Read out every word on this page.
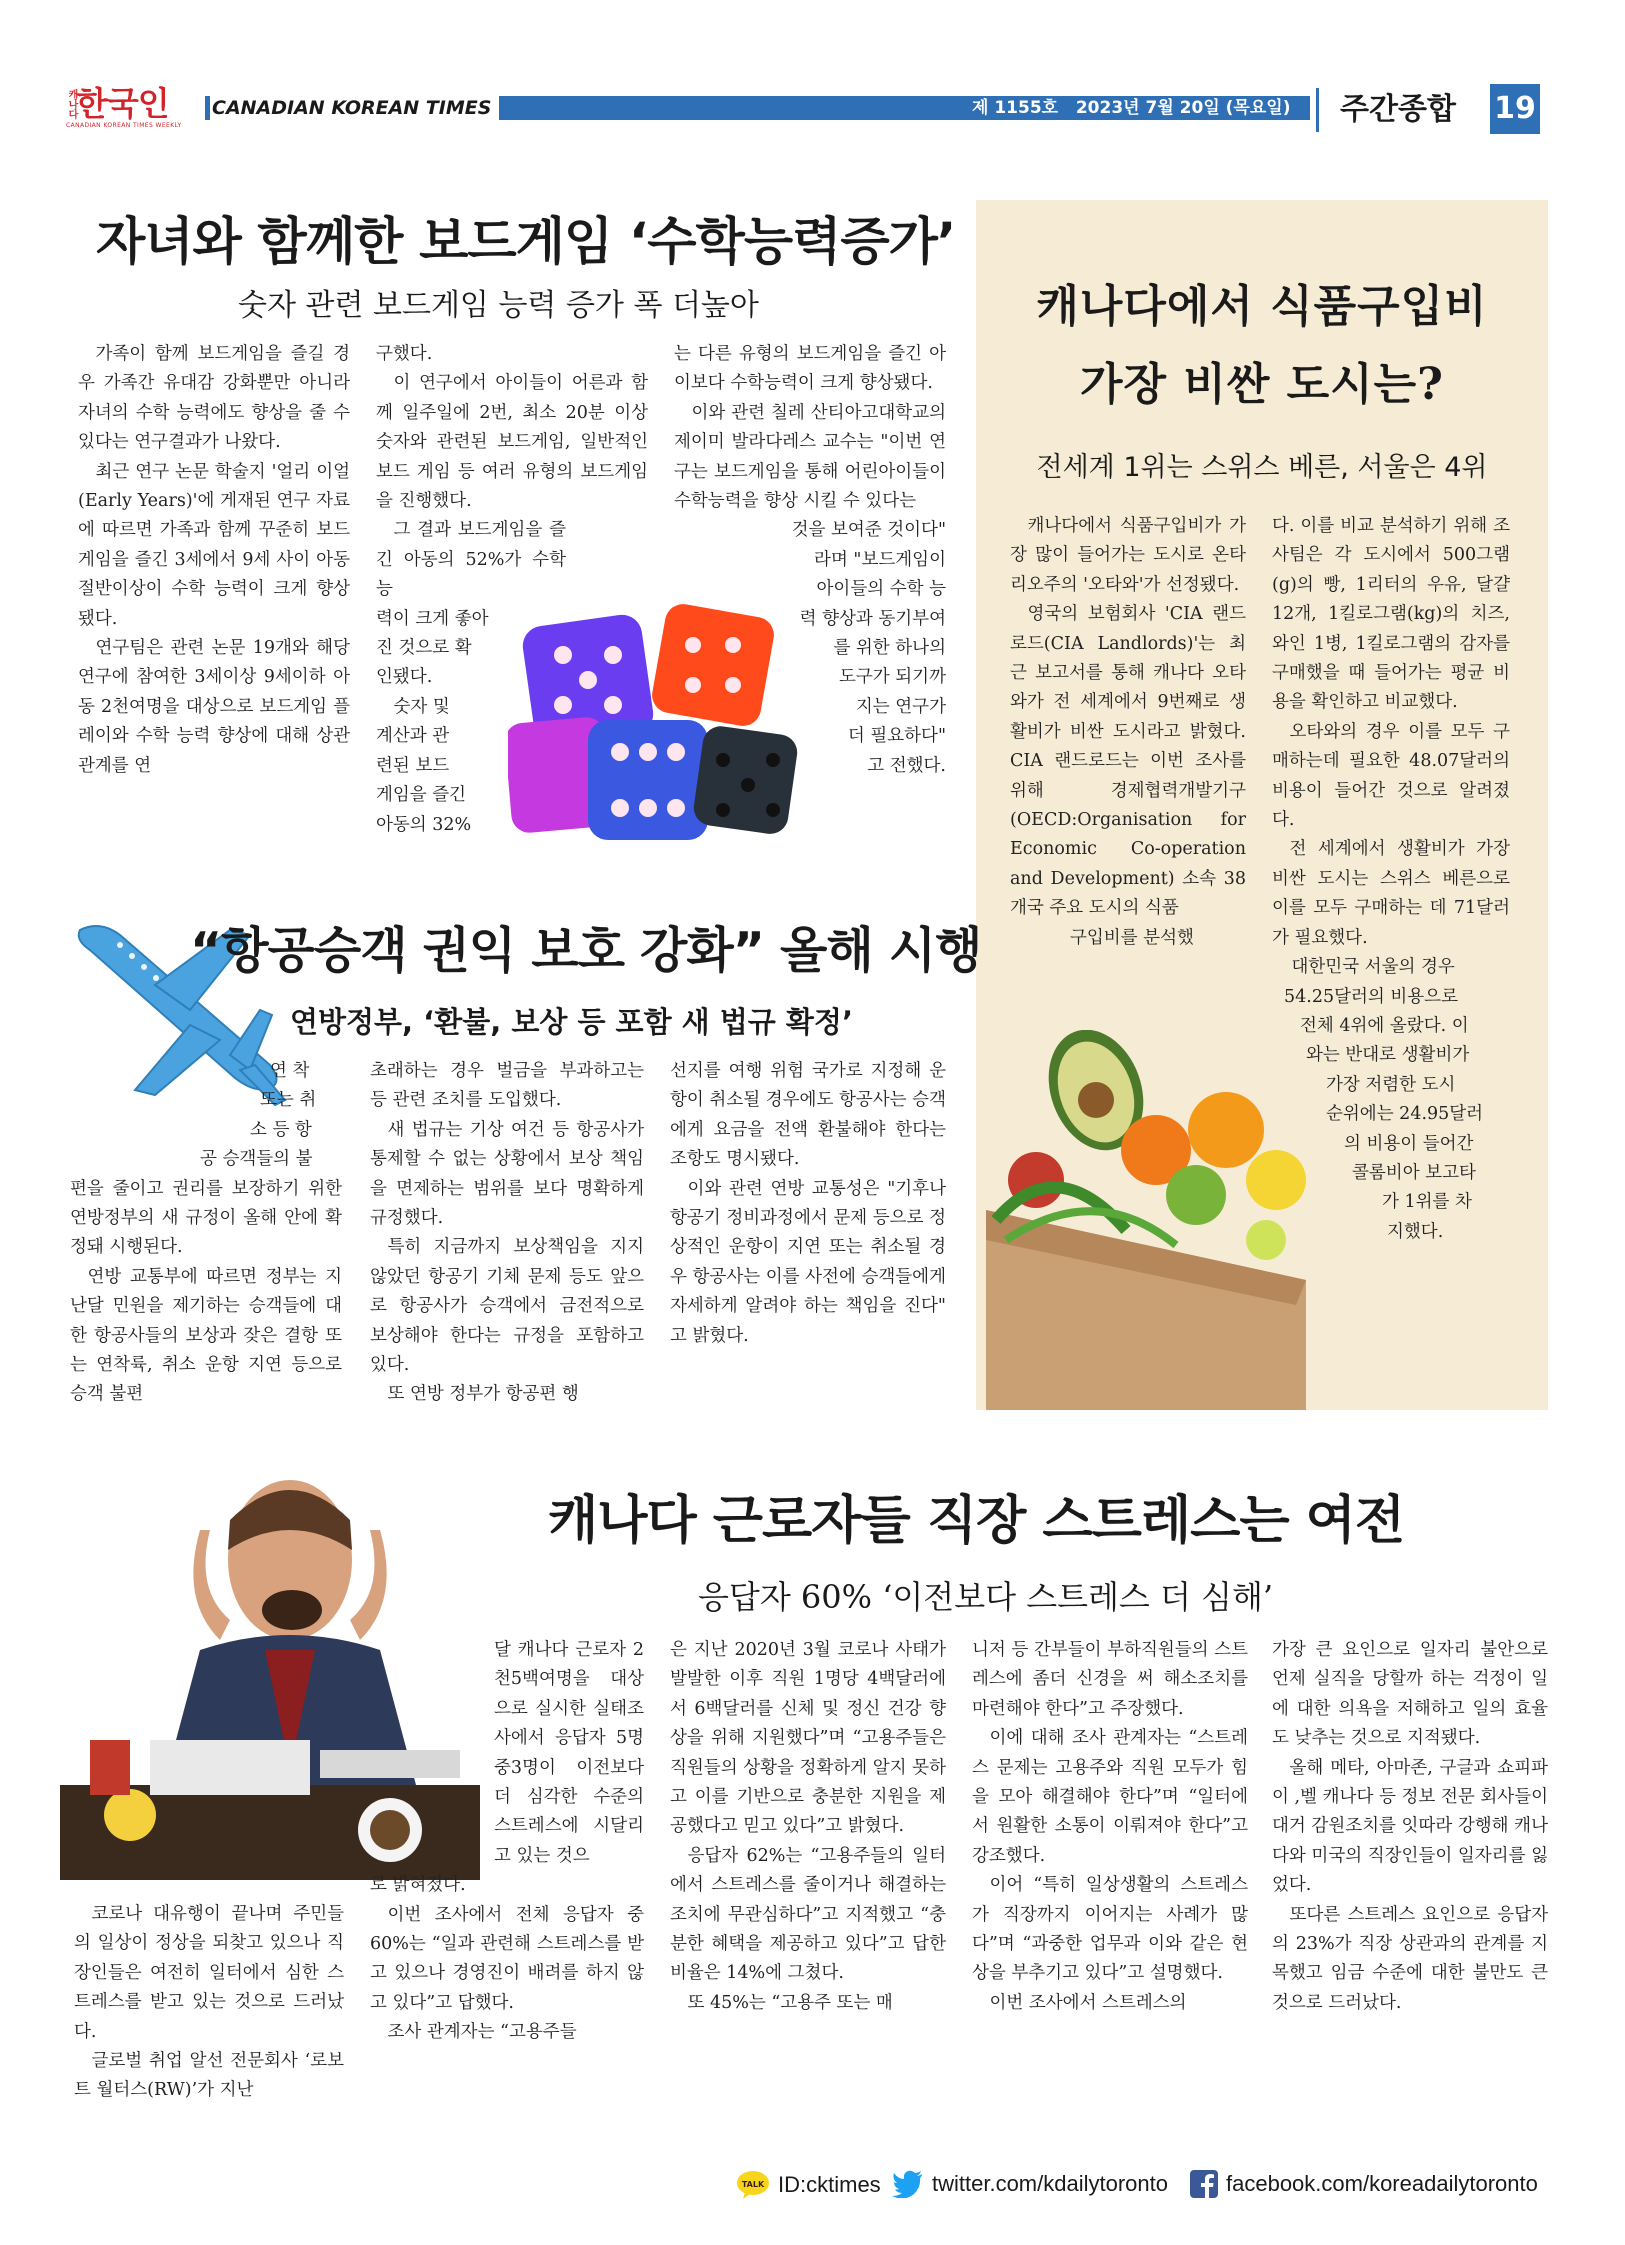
캐나다 한국인
CANADIAN KOREAN TIMES WEEKLY
CANADIAN KOREAN TIMES	제 1155호 2023년 7월 20일 (목요일) 주간종합 19
자녀와 함께한 보드게임 ‘수학능력증가’
숫자 관련 보드게임 능력 증가 폭 더높아

가족이 함께 보드게임을 즐길 경우 가족간 유대감 강화뿐만 아니라 자녀의 수학 능력에도 향상을 줄 수 있다는 연구결과가 나왔다.

최근 연구 논문 학술지 '얼리 이얼(Early Years)'에 게재된 연구 자료에 따르면 가족과 함께 꾸준히 보드게임을 즐긴 3세에서 9세 사이 아동 절반이상이 수학 능력이 크게 향상됐다.

연구팀은 관련 논문 19개와 해당 연구에 참여한 3세이상 9세이하 아동 2천여명을 대상으로 보드게임 플레이와 수학 능력 향상에 대해 상관관계를 연

구했다.

이 연구에서 아이들이 어른과 함께 일주일에 2번, 최소 20분 이상 숫자와 관련된 보드게임, 일반적인 보드 게임 등 여러 유형의 보드게임을 진행했다.

그 결과 보드게임을 즐긴 아동의 52%가 수학능

력이 크게 좋아

진 것으로 확

인됐다.

숫자 및

계산과 관

련된 보드

게임을 즐긴

아동의 32%

는 다른 유형의 보드게임을 즐긴 아이보다 수학능력이 크게 향상됐다.

이와 관련 칠레 산티아고대학교의 제이미 발라다레스 교수는 "이번 연구는 보드게임을 통해 어린아이들이 수학능력을 향상 시킬 수 있다는

것을 보여준 것이다"

라며 "보드게임이

아이들의 수학 능

력 향상과 동기부여

를 위한 하나의

도구가 되기까

지는 연구가

더 필요하다"

고 전했다.

“항공승객 권익 보호 강화” 올해 시행
연방정부, ‘환불, 보상 등 포함 새 법규 확정’

연 착

또는 취

소 등 항

공 승객들의 불

편을 줄이고 권리를 보장하기 위한 연방정부의 새 규정이 올해 안에 확정돼 시행된다.

연방 교통부에 따르면 정부는 지난달 민원을 제기하는 승객들에 대한 항공사들의 보상과 잦은 결항 또는 연착륙, 취소 운항 지연 등으로 승객 불편

초래하는 경우 벌금을 부과하고는 등 관련 조치를 도입했다.

새 법규는 기상 여건 등 항공사가 통제할 수 없는 상황에서 보상 책임을 면제하는 범위를 보다 명확하게 규정했다.

특히 지금까지 보상책임을 지지 않았던 항공기 기체 문제 등도 앞으로 항공사가 승객에서 금전적으로 보상해야 한다는 규정을 포함하고 있다.

또 연방 정부가 항공편 행

선지를 여행 위험 국가로 지정해 운항이 취소될 경우에도 항공사는 승객에게 요금을 전액 환불해야 한다는 조항도 명시됐다.

이와 관련 연방 교통성은 "기후나 항공기 정비과정에서 문제 등으로 정상적인 운항이 지연 또는 취소될 경우 항공사는 이를 사전에 승객들에게 자세하게 알려야 하는 책임을 진다" 고 밝혔다.

캐나다에서 식품구입비
가장 비싼 도시는?
전세계 1위는 스위스 베른, 서울은 4위

캐나다에서 식품구입비가 가장 많이 들어가는 도시로 온타리오주의 '오타와'가 선정됐다.

영국의 보험회사 'CIA 랜드로드(CIA Landlords)'는 최근 보고서를 통해 캐나다 오타와가 전 세계에서 9번째로 생활비가 비싼 도시라고 밝혔다. CIA 랜드로드는 이번 조사를 위해 경제협력개발기구(OECD:Organisation for Economic Co-operation and Development) 소속 38개국 주요 도시의 식품

구입비를 분석했

다. 이를 비교 분석하기 위해 조사팀은 각 도시에서 500그램(g)의 빵, 1리터의 우유, 달걀 12개, 1킬로그램(kg)의 치즈, 와인 1병, 1킬로그램의 감자를 구매했을 때 들어가는 평균 비용을 확인하고 비교했다.

오타와의 경우 이를 모두 구매하는데 필요한 48.07달러의 비용이 들어간 것으로 알려졌다.

전 세계에서 생활비가 가장 비싼 도시는 스위스 베른으로 이를 모두 구매하는 데 71달러가 필요했다.

대한민국 서울의 경우

54.25달러의 비용으로

전체 4위에 올랐다. 이

와는 반대로 생활비가

가장 저렴한 도시

순위에는 24.95달러

의 비용이 들어간

콜롬비아 보고타

가 1위를 차

지했다.

캐나다 근로자들 직장 스트레스는 여전
응답자 60% ‘이전보다 스트레스 더 심해’

코로나 대유행이 끝나며 주민들의 일상이 정상을 되찾고 있으나 직장인들은 여전히 일터에서 심한 스트레스를 받고 있는 것으로 드러났다.

글로벌 취업 알선 전문회사 ‘로보트 월터스(RW)’가 지난

달 캐나다 근로자 2천5백여명을 대상으로 실시한 실태조사에서 응답자 5명 중3명이 이전보다 더 심각한 수준의 스트레스에 시달리고 있는 것으

로 밝혀졌다.

이번 조사에서 전체 응답자 중 60%는 “일과 관련해 스트레스를 받고 있으나 경영진이 배려를 하지 않고 있다”고 답했다.

조사 관계자는 “고용주들

은 지난 2020년 3월 코로나 사태가 발발한 이후 직원 1명당 4백달러에서 6백달러를 신체 및 정신 건강 향상을 위해 지원했다”며 “고용주들은 직원들의 상황을 정확하게 알지 못하고 이를 기반으로 충분한 지원을 제공했다고 믿고 있다”고 밝혔다.

응답자 62%는 “고용주들의 일터에서 스트레스를 줄이거나 해결하는 조치에 무관심하다”고 지적했고 “충분한 혜택을 제공하고 있다”고 답한 비율은 14%에 그쳤다.

또 45%는 “고용주 또는 매

니저 등 간부들이 부하직원들의 스트레스에 좀더 신경을 써 해소조치를 마련해야 한다”고 주장했다.

이에 대해 조사 관계자는 “스트레스 문제는 고용주와 직원 모두가 힘을 모아 해결해야 한다”며 “일터에서 원활한 소통이 이뤄져야 한다”고 강조했다.

이어 “특히 일상생활의 스트레스가 직장까지 이어지는 사례가 많다”며 “과중한 업무과 이와 같은 현상을 부추기고 있다”고 설명했다.

이번 조사에서 스트레스의

가장 큰 요인으로 일자리 불안으로 언제 실직을 당할까 하는 걱정이 일에 대한 의욕을 저해하고 일의 효율도 낮추는 것으로 지적됐다.

올해 메타, 아마존, 구글과 쇼피파이 ,벨 캐나다 등 정보 전문 회사들이 대거 감원조치를 잇따라 강행해 캐나다와 미국의 직장인들이 일자리를 잃었다.

또다른 스트레스 요인으로 응답자의 23%가 직장 상관과의 관계를 지목했고 임금 수준에 대한 불만도 큰 것으로 드러났다.

TALK ID:cktimes twitter.com/kdailytoronto	facebook.com/koreadailytoronto
